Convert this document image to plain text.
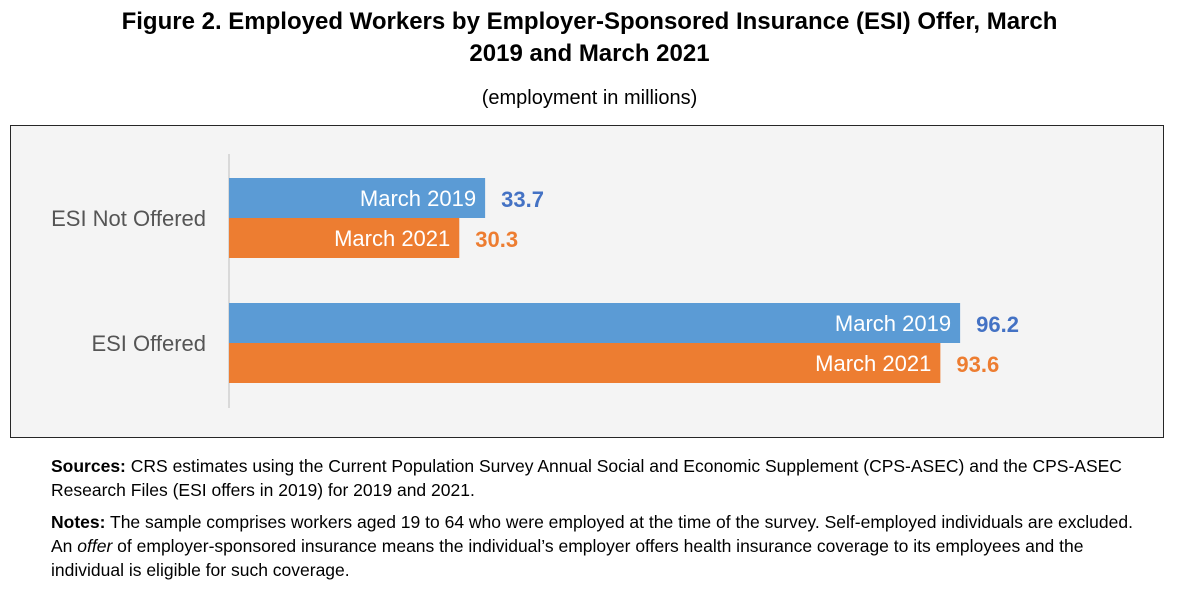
Figure 2. Employed Workers by Employer-Sponsored Insurance (ESI) Offer, March
2019 and March 2021
(employment in millions)
ESI Not Offered
March 2019 33.7
March 2021 30.3
ESI Offered
March 2019 96.2
March 2021 93.6

Sources: CRS estimates using the Current Population Survey Annual Social and Economic Supplement (CPS-ASEC) and the CPS-ASEC Research Files (ESI offers in 2019) for 2019 and 2021.

Notes: The sample comprises workers aged 19 to 64 who were employed at the time of the survey. Self-employed individuals are excluded. An offer of employer-sponsored insurance means the individual’s employer offers health insurance coverage to its employees and the individual is eligible for such coverage.
